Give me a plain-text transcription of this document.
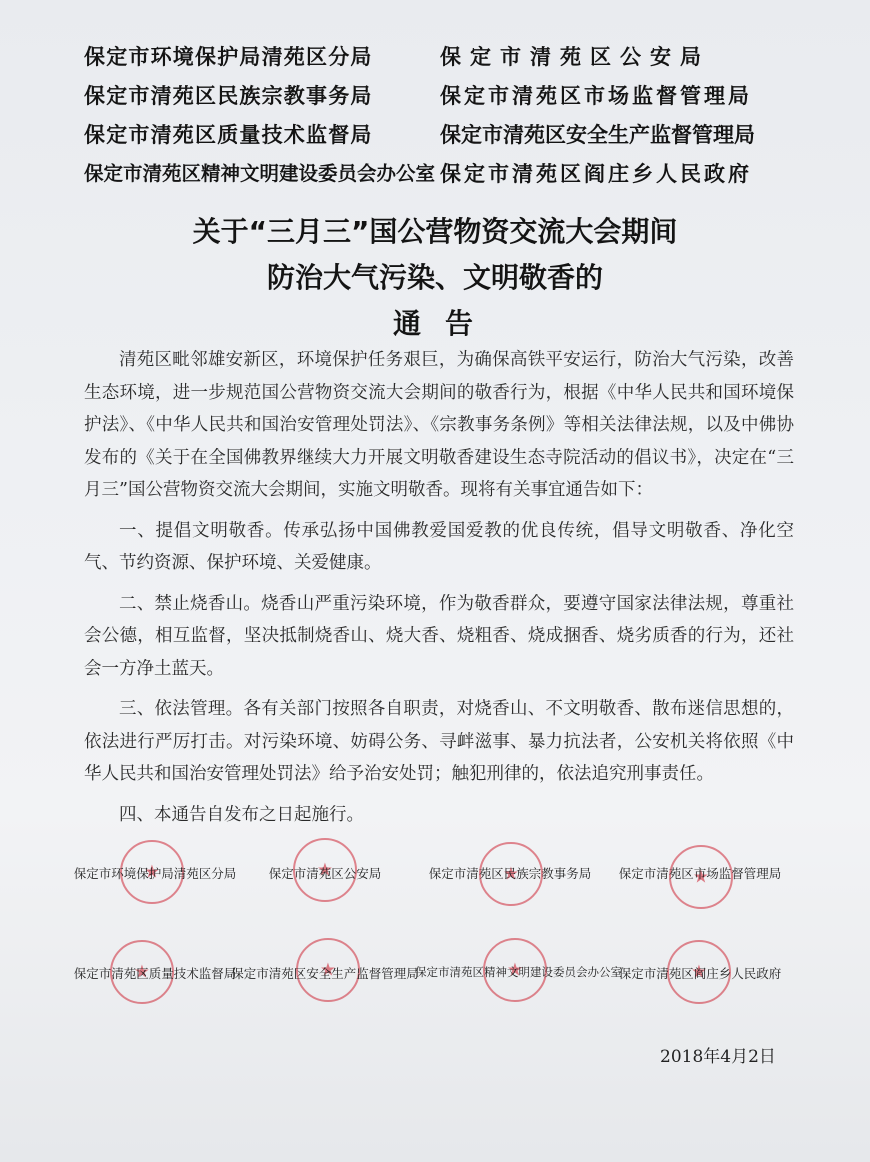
保定市环境保护局清苑区分局	保定市清苑区公安局
保定市清苑区民族宗教事务局	保定市清苑区市场监督管理局
保定市清苑区质量技术监督局	保定市清苑区安全生产监督管理局
保定市清苑区精神文明建设委员会办公室 保定市清苑区阎庄乡人民政府
关于“三月三”国公营物资交流大会期间
防治大气污染、文明敬香的
通告

清苑区毗邻雄安新区，环境保护任务艰巨，为确保高铁平安运行，防治大气污染，改善生态环境，进一步规范国公营物资交流大会期间的敬香行为，根据《中华人民共和国环境保护法》、《中华人民共和国治安管理处罚法》、《宗教事务条例》等相关法律法规，以及中佛协发布的《关于在全国佛教界继续大力开展文明敬香建设生态寺院活动的倡议书》，决定在“三月三”国公营物资交流大会期间，实施文明敬香。现将有关事宜通告如下：

一、提倡文明敬香。传承弘扬中国佛教爱国爱教的优良传统，倡导文明敬香、净化空气、节约资源、保护环境、关爱健康。

二、禁止烧香山。烧香山严重污染环境，作为敬香群众，要遵守国家法律法规，尊重社会公德，相互监督，坚决抵制烧香山、烧大香、烧粗香、烧成捆香、烧劣质香的行为，还社会一方净土蓝天。

三、依法管理。各有关部门按照各自职责，对烧香山、不文明敬香、散布迷信思想的，依法进行严厉打击。对污染环境、妨碍公务、寻衅滋事、暴力抗法者，公安机关将依照《中华人民共和国治安管理处罚法》给予治安处罚；触犯刑律的，依法追究刑事责任。

四、本通告自发布之日起施行。

★
保定市环境保护局清苑区分局 ★	保定市清苑区公安局 ★	保定市清苑区民族宗教事务局 ★	保定市清苑区市场监督管理局
★
保定市清苑区质量技术监督局
★
保定市清苑区安全生产监督管理局
★
保定市清苑区精神文明建设委员会办公室
★
保定市清苑区阎庄乡人民政府
2018年4月2日
